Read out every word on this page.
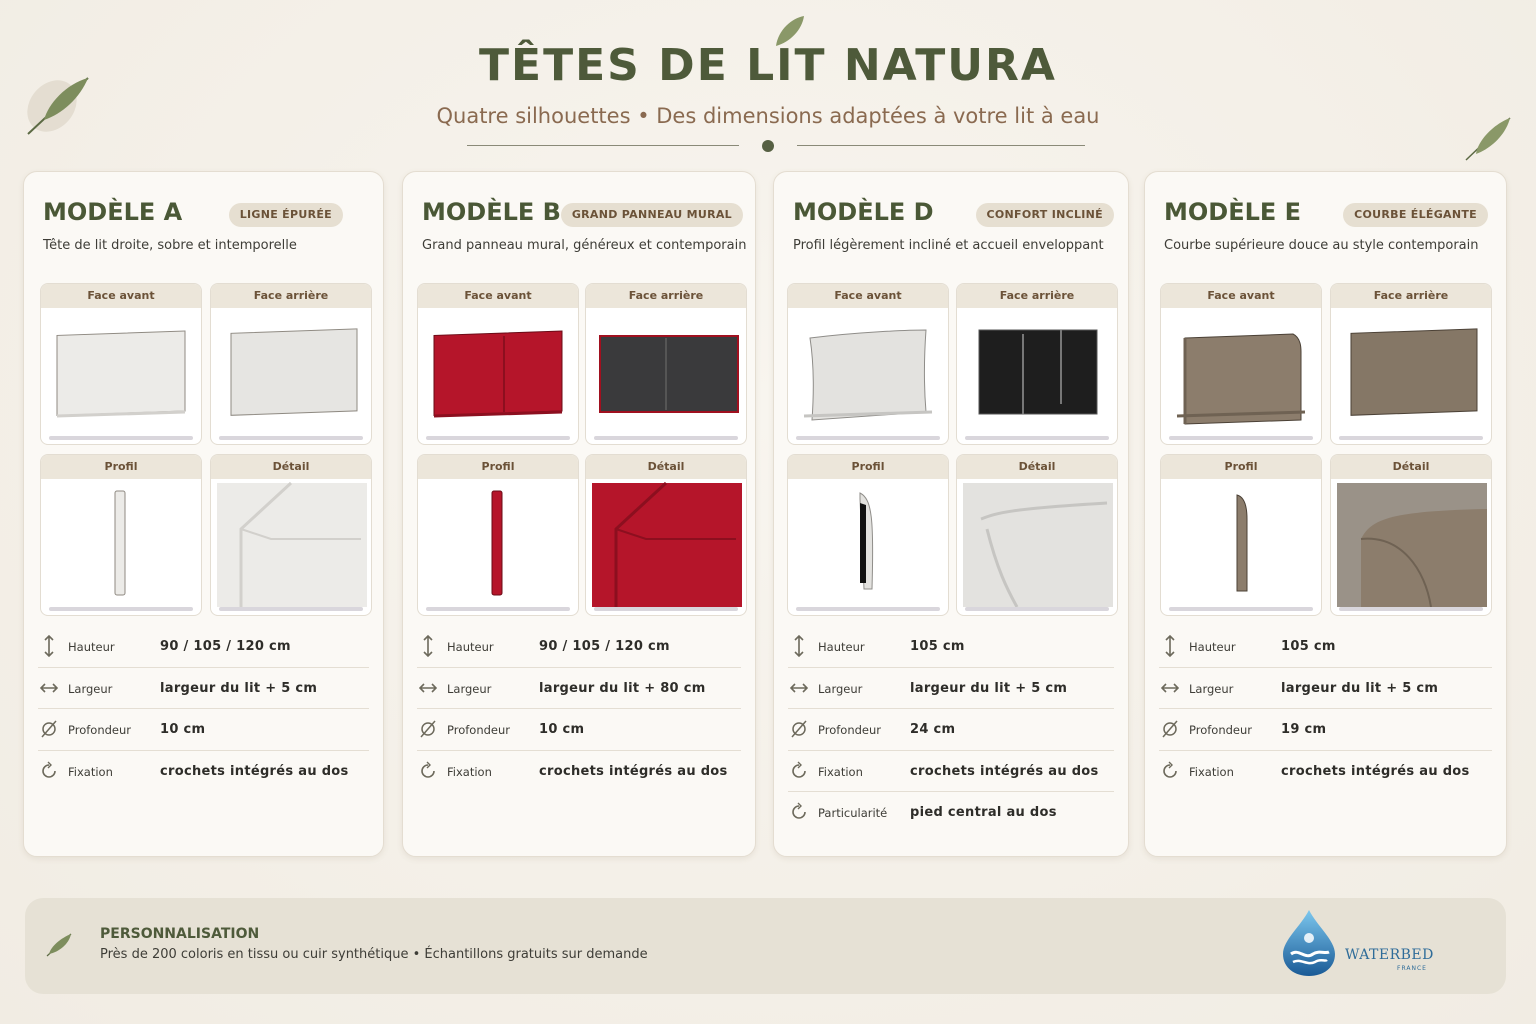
TÊTES DE LIT NATURA
Quatre silhouettes • Des dimensions adaptées à votre lit à eau
MODÈLE A	LIGNE ÉPURÉE
Tête de lit droite, sobre et intemporelle
Face avant	Face arrière
Profil	Détail
Hauteur	90 / 105 / 120 cm
Largeur	largeur du lit + 5 cm
Profondeur 10 cm
Fixation	crochets intégrés au dos
MODÈLE B GRAND PANNEAU MURAL
Grand panneau mural, généreux et contemporain
Face avant	Face arrière
Profil	Détail
Hauteur	90 / 105 / 120 cm
Largeur	largeur du lit + 80 cm
Profondeur 10 cm
Fixation	crochets intégrés au dos
MODÈLE D	CONFORT INCLINÉ
Profil légèrement incliné et accueil enveloppant
Face avant	Face arrière
Profil	Détail
Hauteur	105 cm
Largeur	largeur du lit + 5 cm
Profondeur 24 cm
Fixation	crochets intégrés au dos
Particularité pied central au dos
MODÈLE E	COURBE ÉLÉGANTE
Courbe supérieure douce au style contemporain
Face avant	Face arrière
Profil	Détail
Hauteur	105 cm
Largeur	largeur du lit + 5 cm
Profondeur 19 cm
Fixation	crochets intégrés au dos
PERSONNALISATION
Près de 200 coloris en tissu ou cuir synthétique • Échantillons gratuits sur demande	WATERBED
FRANCE
